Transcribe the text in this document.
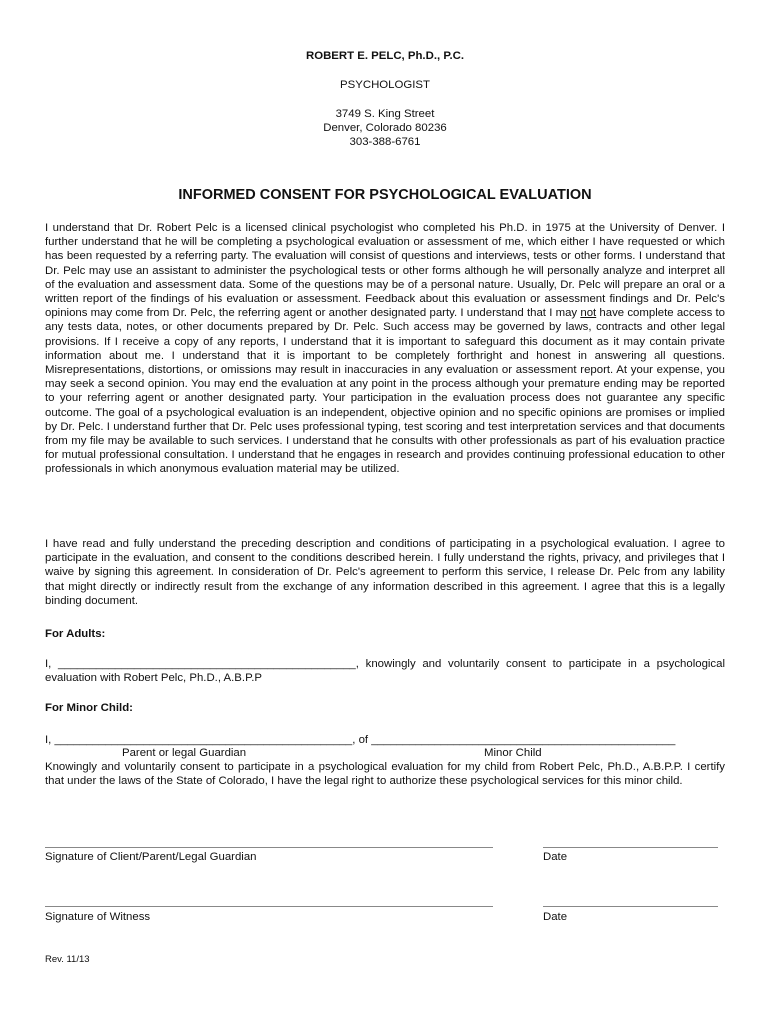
ROBERT E. PELC, Ph.D., P.C.
PSYCHOLOGIST
3749 S. King Street
Denver, Colorado 80236
303-388-6761
INFORMED CONSENT FOR PSYCHOLOGICAL EVALUATION
I understand that Dr. Robert Pelc is a licensed clinical psychologist who completed his Ph.D. in 1975 at the University of Denver. I further understand that he will be completing a psychological evaluation or assessment of me, which either I have requested or which has been requested by a referring party. The evaluation will consist of questions and interviews, tests or other forms. I understand that Dr. Pelc may use an assistant to administer the psychological tests or other forms although he will personally analyze and interpret all of the evaluation and assessment data. Some of the questions may be of a personal nature. Usually, Dr. Pelc will prepare an oral or a written report of the findings of his evaluation or assessment. Feedback about this evaluation or assessment findings and Dr. Pelc's opinions may come from Dr. Pelc, the referring agent or another designated party. I understand that I may not have complete access to any tests data, notes, or other documents prepared by Dr. Pelc. Such access may be governed by laws, contracts and other legal provisions. If I receive a copy of any reports, I understand that it is important to safeguard this document as it may contain private information about me. I understand that it is important to be completely forthright and honest in answering all questions. Misrepresentations, distortions, or omissions may result in inaccuracies in any evaluation or assessment report. At your expense, you may seek a second opinion. You may end the evaluation at any point in the process although your premature ending may be reported to your referring agent or another designated party. Your participation in the evaluation process does not guarantee any specific outcome. The goal of a psychological evaluation is an independent, objective opinion and no specific opinions are promises or implied by Dr. Pelc. I understand further that Dr. Pelc uses professional typing, test scoring and test interpretation services and that documents from my file may be available to such services. I understand that he consults with other professionals as part of his evaluation practice for mutual professional consultation. I understand that he engages in research and provides continuing professional education to other professionals in which anonymous evaluation material may be utilized.
I have read and fully understand the preceding description and conditions of participating in a psychological evaluation. I agree to participate in the evaluation, and consent to the conditions described herein. I fully understand the rights, privacy, and privileges that I waive by signing this agreement. In consideration of Dr. Pelc's agreement to perform this service, I release Dr. Pelc from any lability that might directly or indirectly result from the exchange of any information described in this agreement. I agree that this is a legally binding document.
For Adults:
I, _______________________________________________, knowingly and voluntarily consent to participate in a psychological evaluation with Robert Pelc, Ph.D., A.B.P.P
For Minor Child:
I, _______________________________________________, of ________________________________________________
Parent or legal Guardian	Minor Child
Knowingly and voluntarily consent to participate in a psychological evaluation for my child from Robert Pelc, Ph.D., A.B.P.P. I certify that under the laws of the State of Colorado, I have the legal right to authorize these psychological services for this minor child.
Signature of Client/Parent/Legal Guardian	Date
Signature of Witness	Date
Rev. 11/13
